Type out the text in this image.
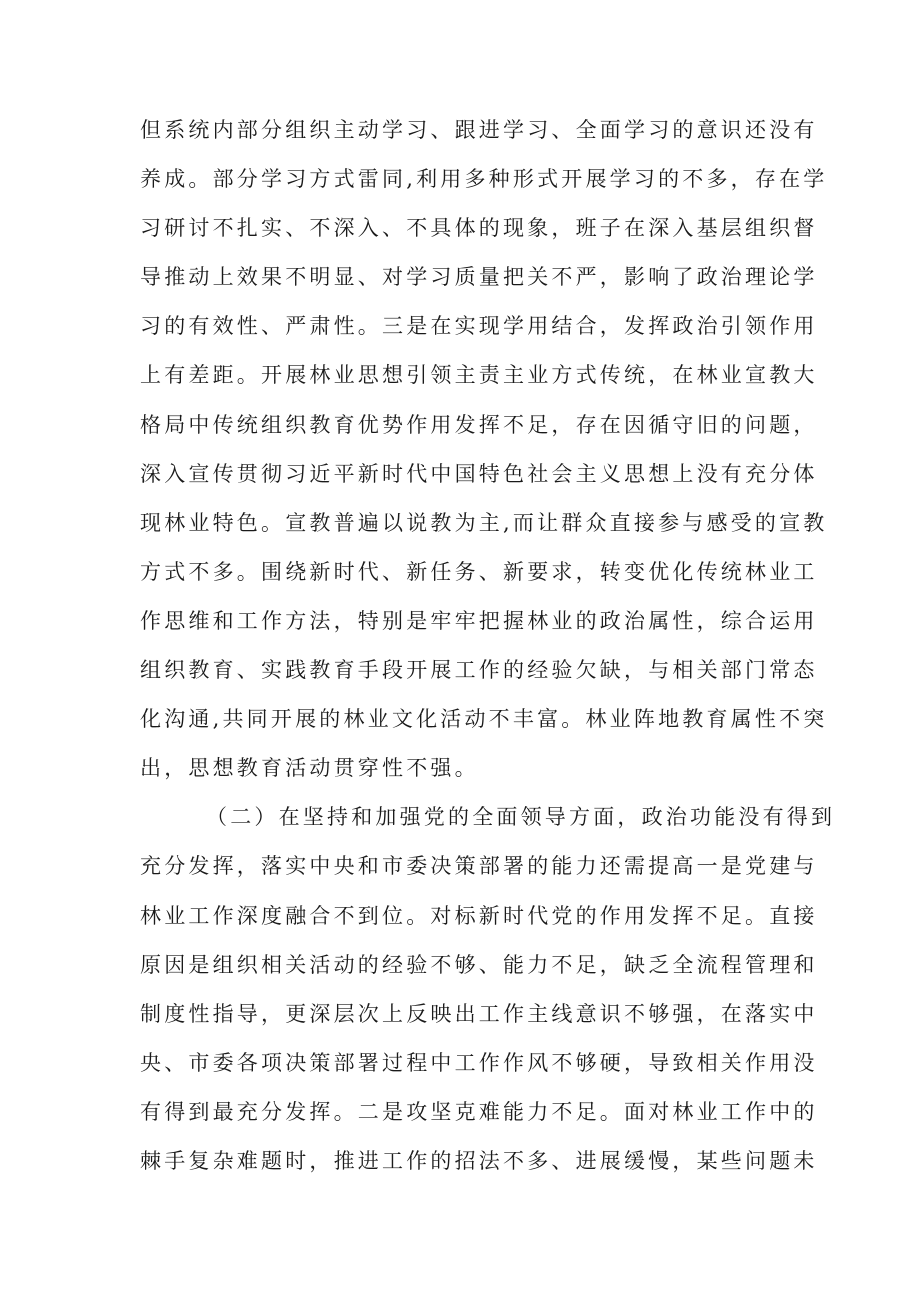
但系统内部分组织主动学习、跟进学习、全面学习的意识还没有
养成。部分学习方式雷同,利用多种形式开展学习的不多，存在学
习研讨不扎实、不深入、不具体的现象，班子在深入基层组织督
导推动上效果不明显、对学习质量把关不严，影响了政治理论学
习的有效性、严肃性。三是在实现学用结合，发挥政治引领作用
上有差距。开展林业思想引领主责主业方式传统，在林业宣教大
格局中传统组织教育优势作用发挥不足，存在因循守旧的问题，
深入宣传贯彻习近平新时代中国特色社会主义思想上没有充分体
现林业特色。宣教普遍以说教为主,而让群众直接参与感受的宣教
方式不多。围绕新时代、新任务、新要求，转变优化传统林业工
作思维和工作方法，特别是牢牢把握林业的政治属性，综合运用
组织教育、实践教育手段开展工作的经验欠缺，与相关部门常态
化沟通,共同开展的林业文化活动不丰富。林业阵地教育属性不突
出，思想教育活动贯穿性不强。
（二）在坚持和加强党的全面领导方面，政治功能没有得到
充分发挥，落实中央和市委决策部署的能力还需提高一是党建与
林业工作深度融合不到位。对标新时代党的作用发挥不足。直接
原因是组织相关活动的经验不够、能力不足，缺乏全流程管理和
制度性指导，更深层次上反映出工作主线意识不够强，在落实中
央、市委各项决策部署过程中工作作风不够硬，导致相关作用没
有得到最充分发挥。二是攻坚克难能力不足。面对林业工作中的
棘手复杂难题时，推进工作的招法不多、进展缓慢，某些问题未
